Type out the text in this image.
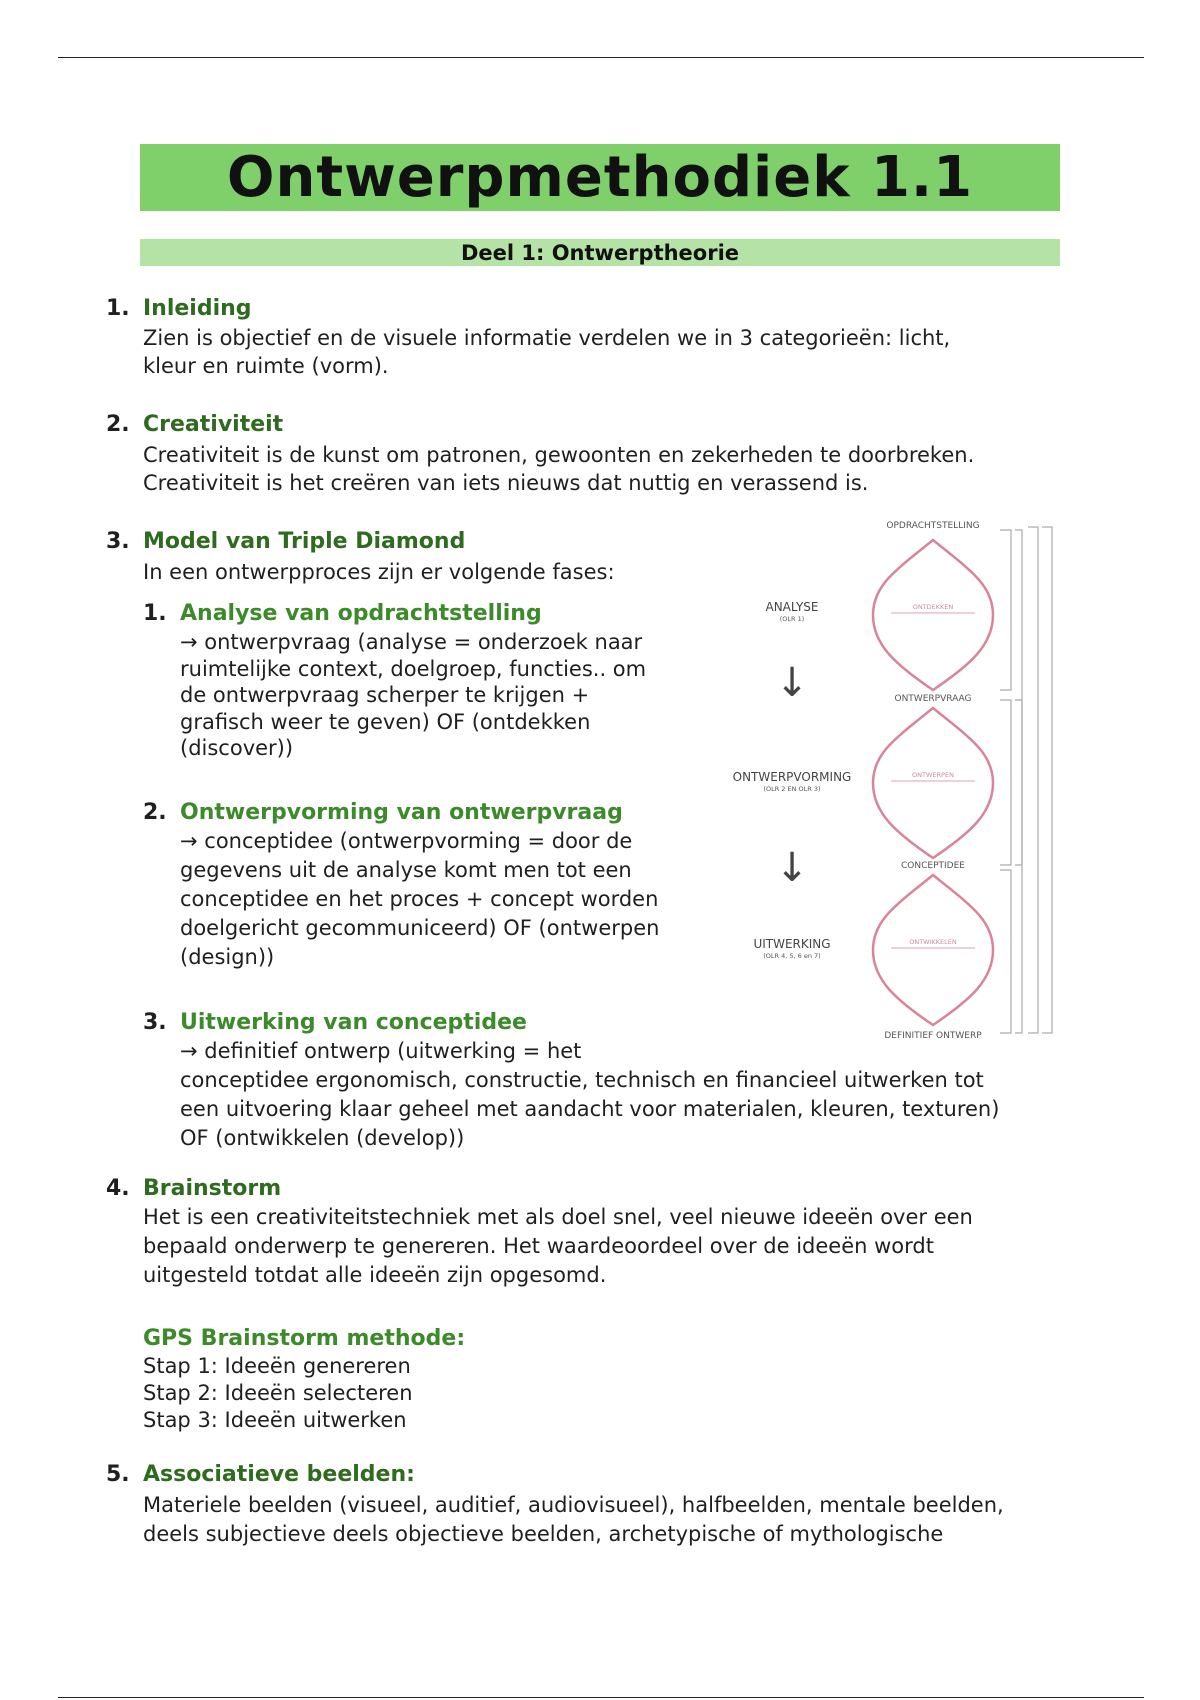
Ontwerpmethodiek 1.1
Deel 1: Ontwerptheorie
1. Inleiding
Zien is objectief en de visuele informatie verdelen we in 3 categorieën: licht,
kleur en ruimte (vorm).
2. Creativiteit
Creativiteit is de kunst om patronen, gewoonten en zekerheden te doorbreken.
Creativiteit is het creëren van iets nieuws dat nuttig en verassend is.
3. Model van Triple Diamond
In een ontwerpproces zijn er volgende fases:
1. Analyse van opdrachtstelling
→ ontwerpvraag (analyse = onderzoek naar
ruimtelijke context, doelgroep, functies.. om
de ontwerpvraag scherper te krijgen +
grafisch weer te geven) OF (ontdekken
(discover))
2. Ontwerpvorming van ontwerpvraag
→ conceptidee (ontwerpvorming = door de
gegevens uit de analyse komt men tot een
conceptidee en het proces + concept worden
doelgericht gecommuniceerd) OF (ontwerpen
(design))
3. Uitwerking van conceptidee
→ definitief ontwerp (uitwerking = het
conceptidee ergonomisch, constructie, technisch en financieel uitwerken tot
een uitvoering klaar geheel met aandacht voor materialen, kleuren, texturen)
OF (ontwikkelen (develop))
OPDRACHTSTELLING
ONTDEKKEN
ONTWERPEN
ONTWIKKELEN
ONTWERPVRAAG
CONCEPTIDEE
DEFINITIEF ONTWERP
ANALYSE
(OLR 1)
ONTWERPVORMING
(OLR 2 EN OLR 3)
UITWERKING
(OLR 4, 5, 6 en 7)
↓
↓
4. Brainstorm
Het is een creativiteitstechniek met als doel snel, veel nieuwe ideeën over een
bepaald onderwerp te genereren. Het waardeoordeel over de ideeën wordt
uitgesteld totdat alle ideeën zijn opgesomd.
GPS Brainstorm methode:
Stap 1: Ideeën genereren
Stap 2: Ideeën selecteren
Stap 3: Ideeën uitwerken
5. Associatieve beelden:
Materiele beelden (visueel, auditief, audiovisueel), halfbeelden, mentale beelden,
deels subjectieve deels objectieve beelden, archetypische of mythologische
